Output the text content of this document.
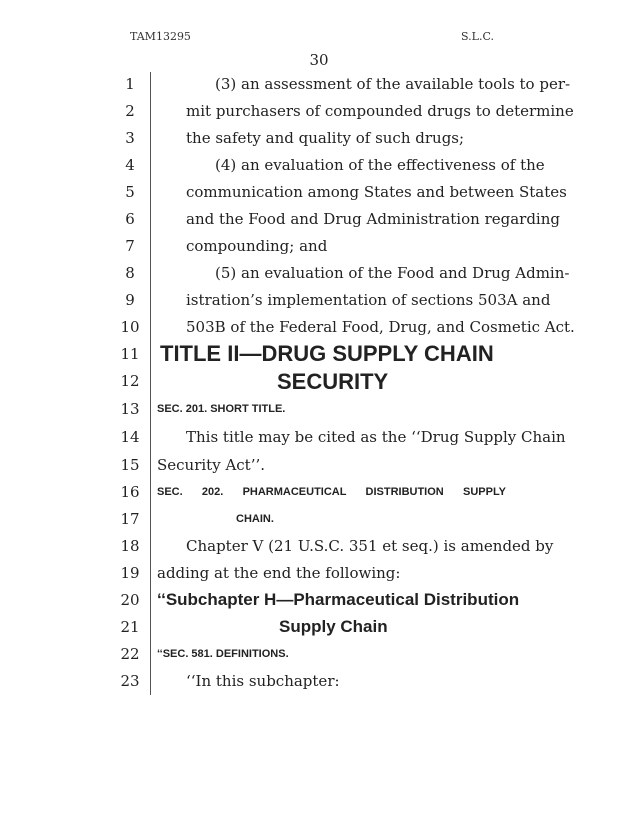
TAM13295	S.L.C.
30
1
2
3
4
5
6
7
8
9
10
11
12
13
14
15
16
17
18
19
20
21
22
23
(3) an assessment of the available tools to per-
mit purchasers of compounded drugs to determine
the safety and quality of such drugs;
(4) an evaluation of the effectiveness of the
communication among States and between States
and the Food and Drug Administration regarding
compounding; and
(5) an evaluation of the Food and Drug Admin-
istration’s implementation of sections 503A and
503B of the Federal Food, Drug, and Cosmetic Act.
TITLE II—DRUG SUPPLY CHAIN
SECURITY
SEC. 201. SHORT TITLE.
This title may be cited as the ‘‘Drug Supply Chain
Security Act’’.
SEC. 202. PHARMACEUTICAL DISTRIBUTION SUPPLY
CHAIN.
Chapter V (21 U.S.C. 351 et seq.) is amended by
adding at the end the following:
‘‘Subchapter H—Pharmaceutical Distribution
Supply Chain
‘‘SEC. 581. DEFINITIONS.
‘‘In this subchapter:
